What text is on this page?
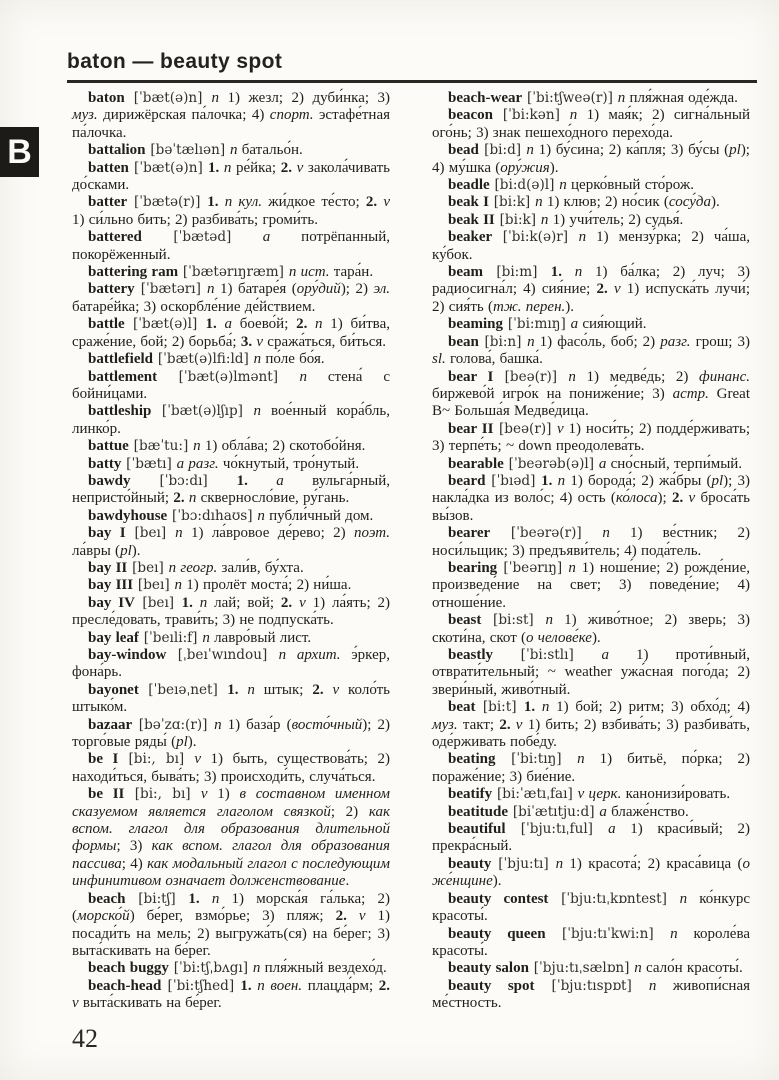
baton — beauty spot
B

baton [ˈbæt(ə)n] n 1) жезл; 2) дуби́нка; 3) муз. дирижёрская па́лочка; 4) спорт. эстафе́тная па́лочка.

battalion [bəˈtælıən] n батальо́н.

batten [ˈbæt(ə)n] 1. n ре́йка; 2. v закола́чивать до́сками.

batter [ˈbætə(r)] 1. n кул. жи́дкое те́сто; 2. v 1) си́льно бить; 2) разбива́ть; громи́ть.

battered [ˈbætəd] a потрёпанный, покорёженный.

battering ram [ˈbætərıŋræm] n ист. тара́н.

battery [ˈbætərı] n 1) батаре́я (ору́дий); 2) эл. батаре́йка; 3) оскорбле́ние де́йствием.

battle [ˈbæt(ə)l] 1. a боево́й; 2. n 1) би́тва, сраже́ние, бой; 2) борьба́; 3. v сража́ться, би́ться.

battlefield [ˈbæt(ə)lfi:ld] n по́ле бо́я.

battlement [ˈbæt(ə)lmənt] n стена́ с бойни́цами.

battleship [ˈbæt(ə)lʃıp] n вое́нный кора́бль, линко́р.

battue [bæˈtu:] n 1) обла́ва; 2) скотобо́йня.

batty [ˈbætı] a разг. чо́кнутый, тро́нутый.

bawdy [ˈbɔ:dı] 1. a вульга́рный, непристо́йный; 2. n скверносло́вие, ру́гань.

bawdyhouse [ˈbɔ:dıhaʊs] n публи́чный дом.

bay I [beı] n 1) ла́вровое де́рево; 2) поэт. ла́вры (pl).

bay II [beı] n геогр. зали́в, бу́хта.

bay III [beı] n 1) пролёт моста́; 2) ни́ша.

bay IV [beı] 1. n лай; вой; 2. v 1) ла́ять; 2) пресле́довать, трави́ть; 3) не подпуска́ть.

bay leaf [ˈbeıli:f] n лавро́вый лист.

bay-window [ˌbeıˈwındou] n архит. э́ркер, фона́рь.

bayonet [ˈbeıəˌnet] 1. n штык; 2. v коло́ть штыко́м.

bazaar [bəˈzɑ:(r)] n 1) база́р (восто́чный); 2) торго́вые ряды́ (pl).

be I [bi:, bı] v 1) быть, существова́ть; 2) находи́ться, быва́ть; 3) происходи́ть, случа́ться.

be II [bi:, bı] v 1) в составном именном сказуемом является глаголом связкой; 2) как вспом. глагол для образования длительной формы; 3) как вспом. глагол для образования пассива; 4) как модальный глагол с последующим инфинитивом означает долженствование.

beach [bi:tʃ] 1. n 1) морска́я га́лька; 2) (морско́й) бе́рег, взмо́рье; 3) пляж; 2. v 1) посади́ть на мель; 2) выгружа́ть(ся) на бе́рег; 3) выта́скивать на бе́рег.

beach buggy [ˈbi:tʃˌbʌgı] n пля́жный вездехо́д.

beach-head [ˈbi:tʃhed] 1. n воен. плацда́рм; 2. v выта́скивать на бе́рег.

beach-wear [ˈbi:tʃweə(r)] n пля́жная оде́жда.

beacon [ˈbi:kən] n 1) мая́к; 2) сигна́льный ого́нь; 3) знак пешехо́дного перехо́да.

bead [bi:d] n 1) бу́сина; 2) ка́пля; 3) бу́сы (pl); 4) му́шка (ору́жия).

beadle [bi:d(ə)l] n церко́вный сто́рож.

beak I [bi:k] n 1) клюв; 2) но́сик (сосу́да).

beak II [bi:k] n 1) учи́тель; 2) судья́.

beaker [ˈbi:k(ə)r] n 1) мензу́рка; 2) ча́ша, ку́бок.

beam [bi:m] 1. n 1) ба́лка; 2) луч; 3) радиосигна́л; 4) сия́ние; 2. v 1) испуска́ть лучи́; 2) сия́ть (тж. перен.).

beaming [ˈbi:mıŋ] a сия́ющий.

bean [bi:n] n 1) фасо́ль, боб; 2) разг. грош; 3) sl. голова́, башка́.

bear I [beə(r)] n 1) медве́дь; 2) финанс. биржево́й игро́к на пониже́ние; 3) астр. Great B~ Больша́я Медве́дица.

bear II [beə(r)] v 1) носи́ть; 2) подде́рживать; 3) терпе́ть; ~ down преодолева́ть.

bearable [ˈbeərəb(ə)l] a сно́сный, терпи́мый.

beard [ˈbıəd] 1. n 1) борода́; 2) жа́бры (pl); 3) накла́дка из воло́с; 4) ость (ко́лоса); 2. v броса́ть вы́зов.

bearer [ˈbeərə(r)] n 1) ве́стник; 2) носи́льщик; 3) предъяви́тель; 4) пода́тель.

bearing [ˈbeərıŋ] n 1) ноше́ние; 2) рожде́ние, произведе́ние на свет; 3) поведе́ние; 4) отноше́ние.

beast [bi:st] n 1) живо́тное; 2) зверь; 3) скоти́на, скот (о челове́ке).

beastly [ˈbi:stlı] a 1) проти́вный, отврати́тельный; ~ weather ужа́сная пого́да; 2) звери́ный, живо́тный.

beat [bi:t] 1. n 1) бой; 2) ритм; 3) обхо́д; 4) муз. такт; 2. v 1) бить; 2) взбива́ть; 3) разбива́ть, оде́рживать побе́ду.

beating [ˈbi:tıŋ] n 1) битьё, по́рка; 2) пораже́ние; 3) бие́ние.

beatify [bi:ˈætıˌfaı] v церк. канонизи́ровать.

beatitude [biˈætıtju:d] a блаже́нство.

beautiful [ˈbju:tıˌful] a 1) краси́вый; 2) прекра́сный.

beauty [ˈbju:tı] n 1) красота́; 2) краса́вица (о же́нщине).

beauty contest [ˈbju:tıˌkɒntest] n ко́нкурс красоты́.

beauty queen [ˈbju:tıˈkwi:n] n короле́ва красоты́.

beauty salon [ˈbju:tıˌsælɒn] n сало́н красоты́.

beauty spot [ˈbju:tıspɒt] n живопи́сная ме́стность.

42
